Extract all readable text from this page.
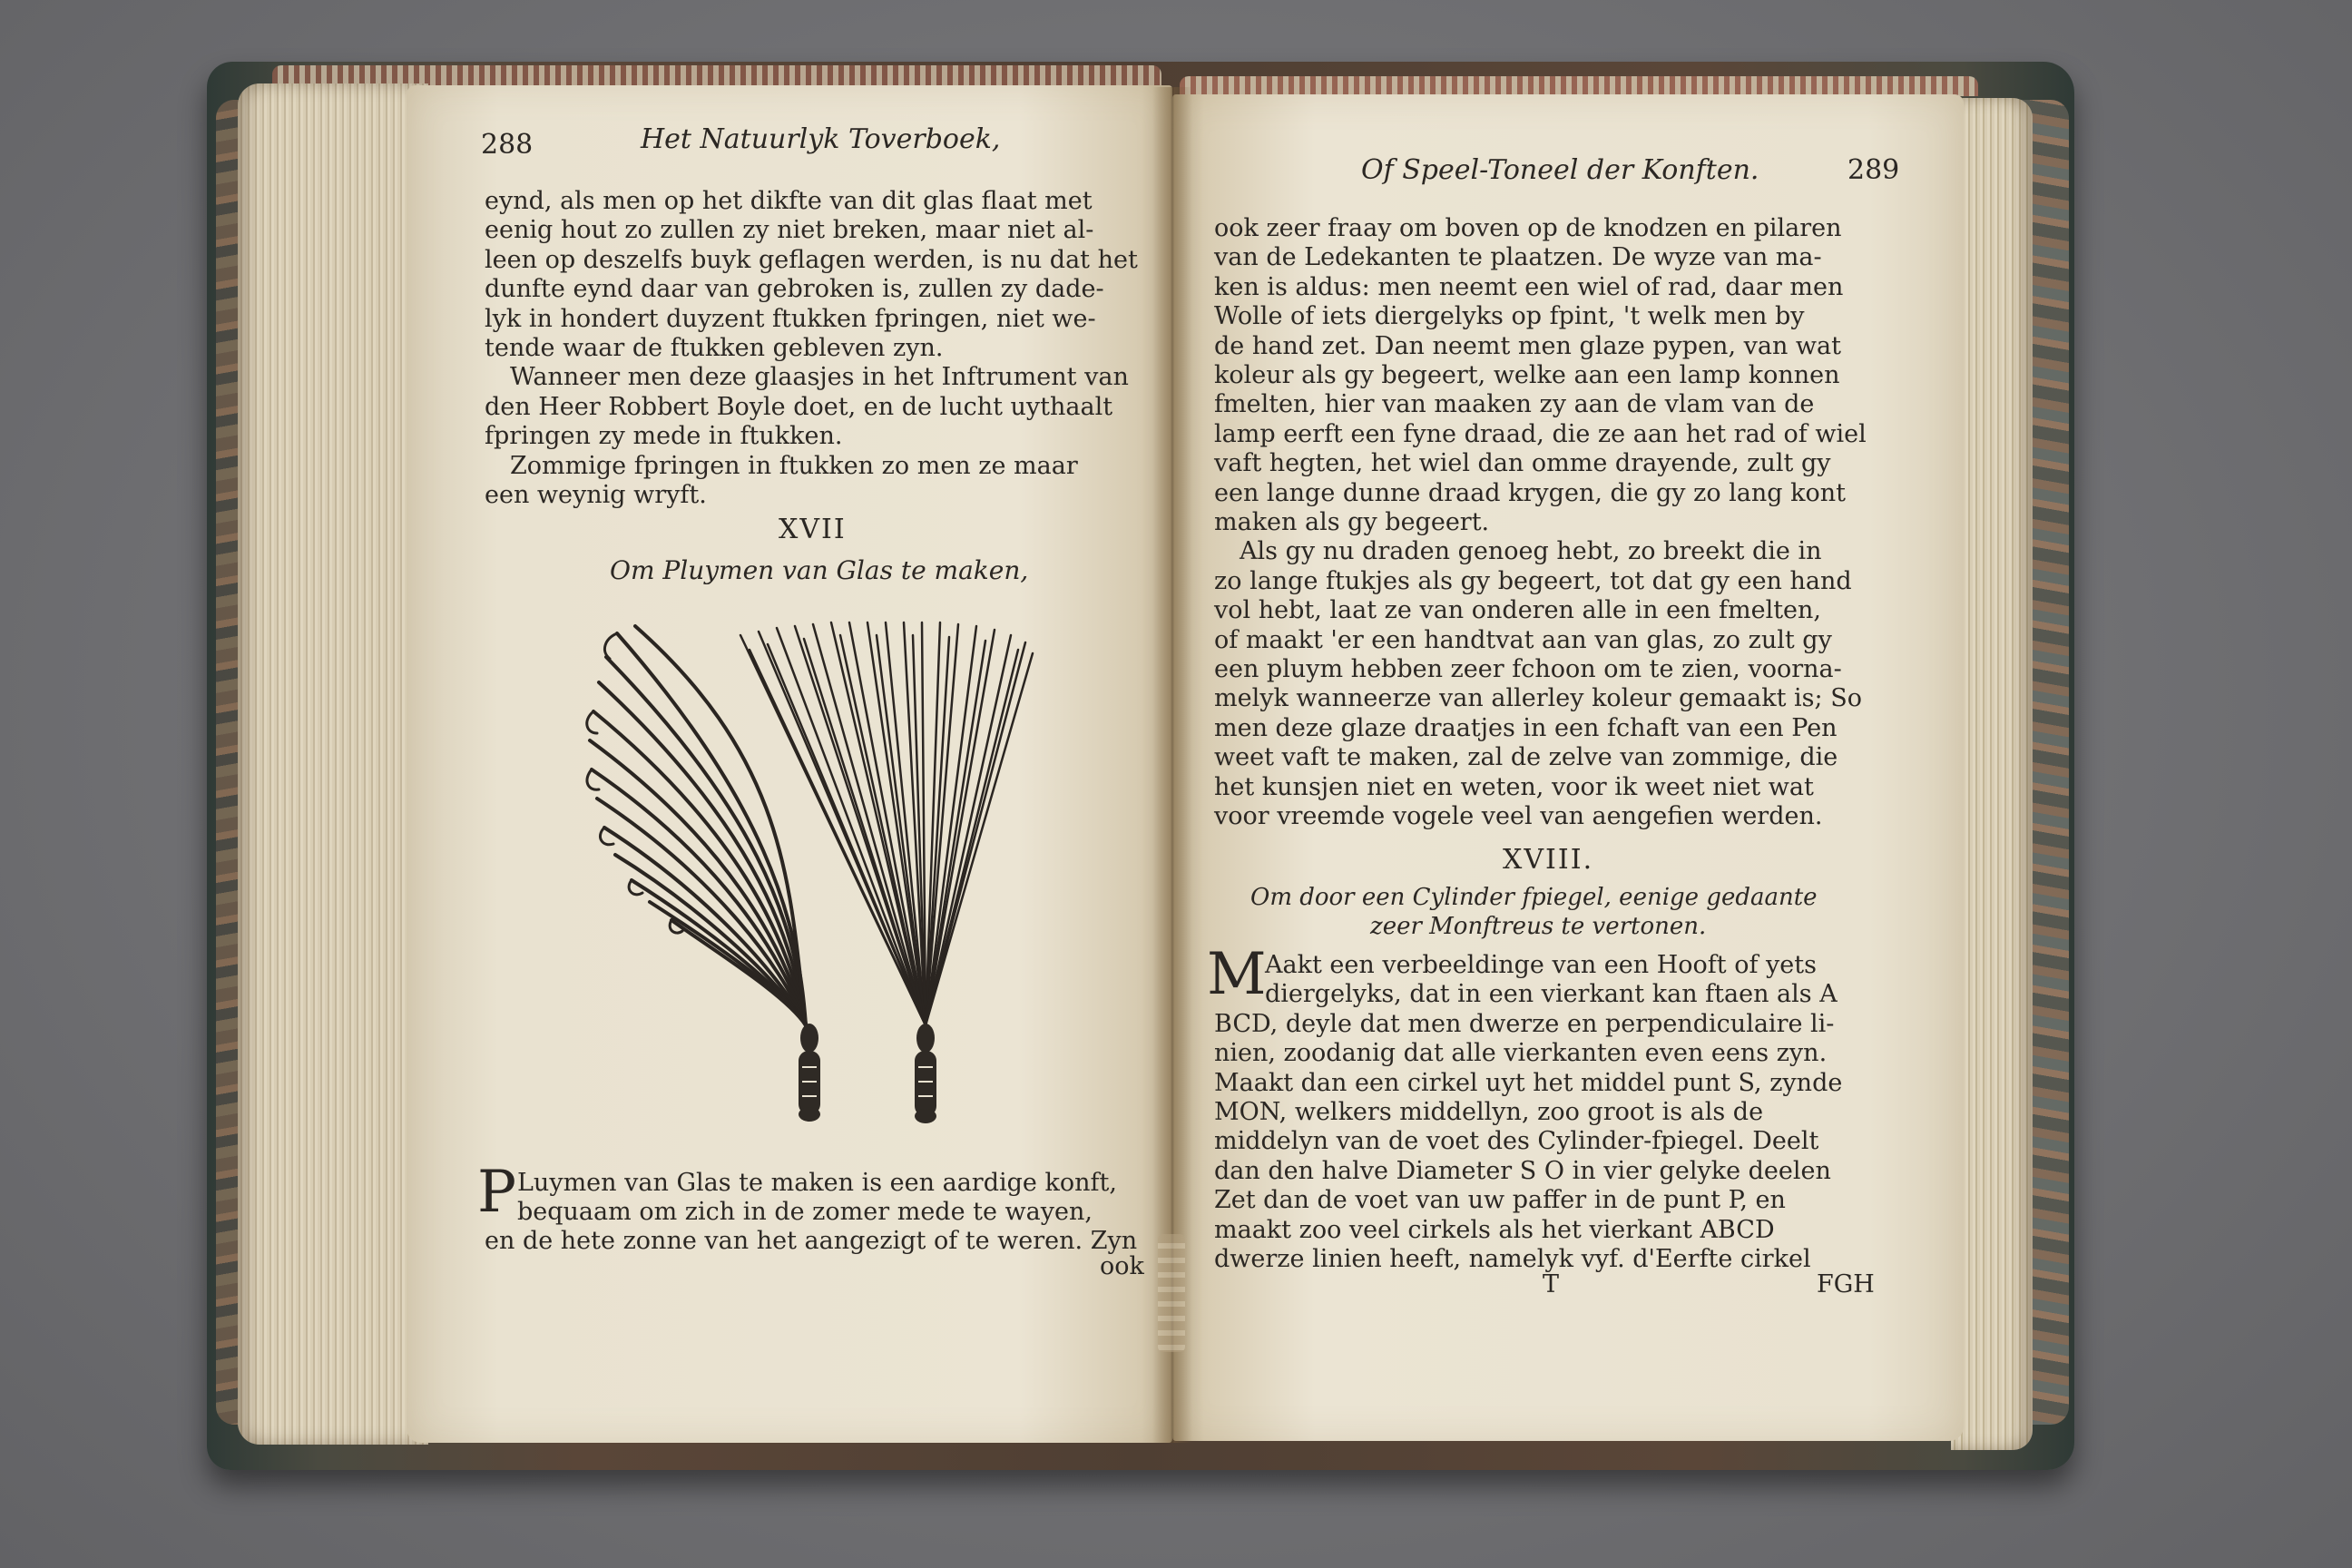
288	Het Natuurlyk Toverboek,
eynd, als men op het dikfte van dit glas flaat met
eenig hout zo zullen zy niet breken, maar niet al-
leen op deszelfs buyk geflagen werden, is nu dat het
dunfte eynd daar van gebroken is, zullen zy dade-
lyk in hondert duyzent ftukken fpringen, niet we-
tende waar de ftukken gebleven zyn.
Wanneer men deze glaasjes in het Inftrument van
den Heer Robbert Boyle doet, en de lucht uythaalt
fpringen zy mede in ftukken.
Zommige fpringen in ftukken zo men ze maar
een weynig wryft.
XVII
Om Pluymen van Glas te maken,
P Luymen van Glas te maken is een aardige konft,
bequaam om zich in de zomer mede te wayen,
en de hete zonne van het aangezigt of te weren. Zyn
ook
Of Speel-Toneel der Konften.	289
ook zeer fraay om boven op de knodzen en pilaren
van de Ledekanten te plaatzen. De wyze van ma-
ken is aldus: men neemt een wiel of rad, daar men
Wolle of iets diergelyks op fpint, 't welk men by
de hand zet. Dan neemt men glaze pypen, van wat
koleur als gy begeert, welke aan een lamp konnen
fmelten, hier van maaken zy aan de vlam van de
lamp eerft een fyne draad, die ze aan het rad of wiel
vaft hegten, het wiel dan omme drayende, zult gy
een lange dunne draad krygen, die gy zo lang kont
maken als gy begeert.
Als gy nu draden genoeg hebt, zo breekt die in
zo lange ftukjes als gy begeert, tot dat gy een hand
vol hebt, laat ze van onderen alle in een fmelten,
of maakt 'er een handtvat aan van glas, zo zult gy
een pluym hebben zeer fchoon om te zien, voorna-
melyk wanneerze van allerley koleur gemaakt is; So
men deze glaze draatjes in een fchaft van een Pen
weet vaft te maken, zal de zelve van zommige, die
het kunsjen niet en weten, voor ik weet niet wat
voor vreemde vogele veel van aengefien werden.
XVIII.
Om door een Cylinder fpiegel, eenige gedaante
zeer Monftreus te vertonen.
M
Aakt een verbeeldinge van een Hooft of yets
diergelyks, dat in een vierkant kan ftaen als A
BCD, deyle dat men dwerze en perpendiculaire li-
nien, zoodanig dat alle vierkanten even eens zyn.
Maakt dan een cirkel uyt het middel punt S, zynde
MON, welkers middellyn, zoo groot is als de
middelyn van de voet des Cylinder-fpiegel. Deelt
dan den halve Diameter S O in vier gelyke deelen
Zet dan de voet van uw paffer in de punt P, en
maakt zoo veel cirkels als het vierkant ABCD
dwerze linien heeft, namelyk vyf. d'Eerfte cirkel
T	FGH
